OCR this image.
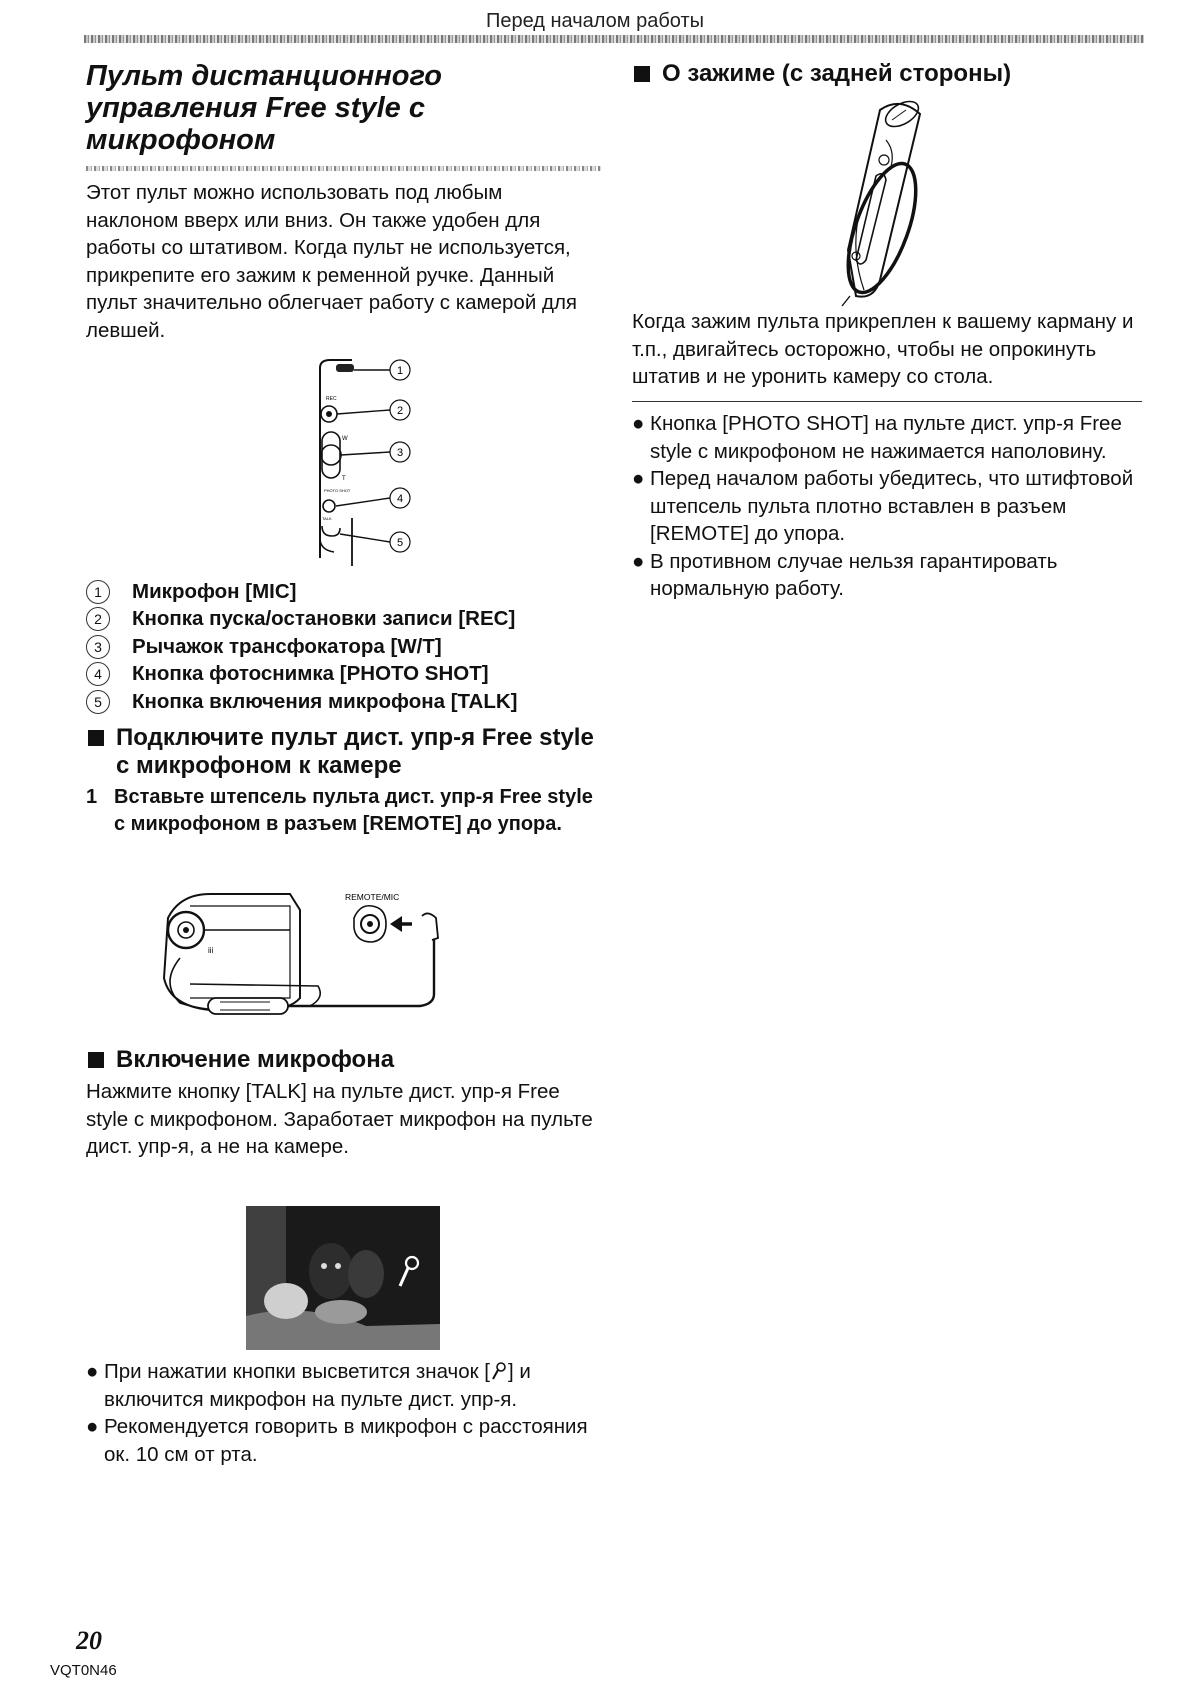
Перед началом работы
Пульт дистанционного управления Free style с микрофоном
Этот пульт можно использовать под любым наклоном вверх или вниз. Он также удобен для работы со штативом. Когда пульт не используется, прикрепите его зажим к ременной ручке. Данный пульт значительно облегчает работу с камерой для левшей.
REC
W
T
PHOTO SHOT
TALK
1
2
3
4
5
1	Микрофон [MIC]
2	Кнопка пуска/остановки записи [REC]
3	Рычажок трансфокатора [W/T]
4	Кнопка фотоснимка [PHOTO SHOT]
5	Кнопка включения микрофона [TALK]
Подключите пульт дист. упр-я Free style с микрофоном к камере
1 Вставьте штепсель пульта дист. упр-я Free style с микрофоном в разъем [REMOTE] до упора.
iii
REMOTE/MIC
Включение микрофона
Нажмите кнопку [TALK] на пульте дист. упр-я Free style с микрофоном. Заработает микрофон на пульте дист. упр-я, а не на камере.
● При нажатии кнопки высветится значок [ ] и включится микрофон на пульте дист. упр-я.
● Рекомендуется говорить в микрофон с расстояния ок. 10 см от рта.
О зажиме (с задней стороны)
Когда зажим пульта прикреплен к вашему карману и т.п., двигайтесь осторожно, чтобы не опрокинуть штатив и не уронить камеру со стола.
● Кнопка [PHOTO SHOT] на пульте дист. упр-я Free style с микрофоном не нажимается наполовину.
● Перед началом работы убедитесь, что штифтовой штепсель пульта плотно вставлен в разъем [REMOTE] до упора.
● В противном случае нельзя гарантировать нормальную работу.
20
VQT0N46
